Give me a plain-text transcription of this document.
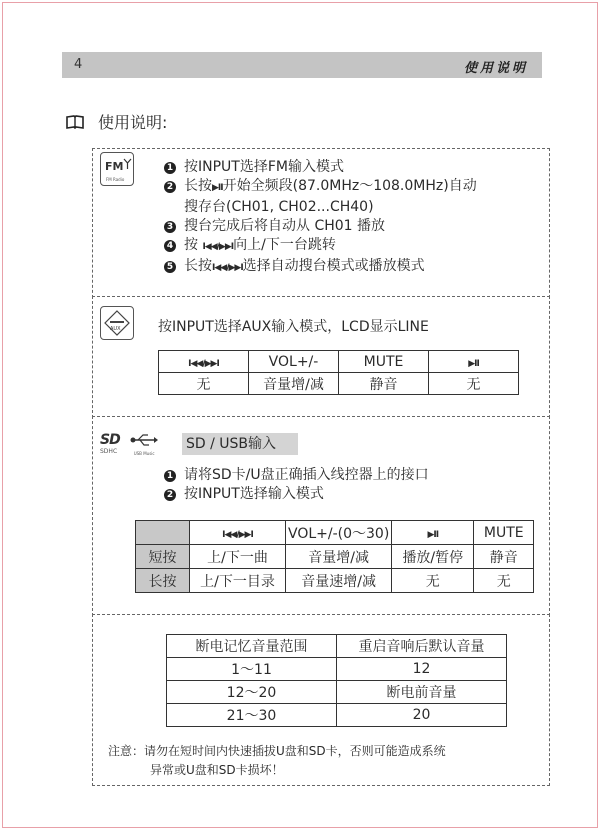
4	使用说明
使用说明:
FM
FM Radio
1 按INPUT选择FM输入模式
2 长按▶II开始全频段(87.0MHz～108.0MHz)自动
搜存台(CH01, CH02...CH40)
3 搜台完成后将自动从 CH01 播放
4 按 I◀◀/▶▶I向上/下一台跳转
5 长按I◀◀/▶▶I选择自动搜台模式或播放模式
AUX	按INPUT选择AUX输入模式，LCD显示LINE
I◀◀/▶▶I	VOL+/-	MUTE	▶II
无	音量增/减	静音	无
SD
SDHC	USB Music
SD / USB输入
1 请将SD卡/U盘正确插入线控器上的接口
2 按INPUT选择输入模式
	I◀◀/▶▶I	VOL+/-(0～30)	▶II	MUTE
短按	上/下一曲	音量增/减	播放/暂停	静音
长按	上/下一目录	音量速增/减	无	无
断电记忆音量范围	重启音响后默认音量
1～11	12
12～20	断电前音量
21～30	20
注意：请勿在短时间内快速插拔U盘和SD卡，否则可能造成系统
异常或U盘和SD卡损坏！
